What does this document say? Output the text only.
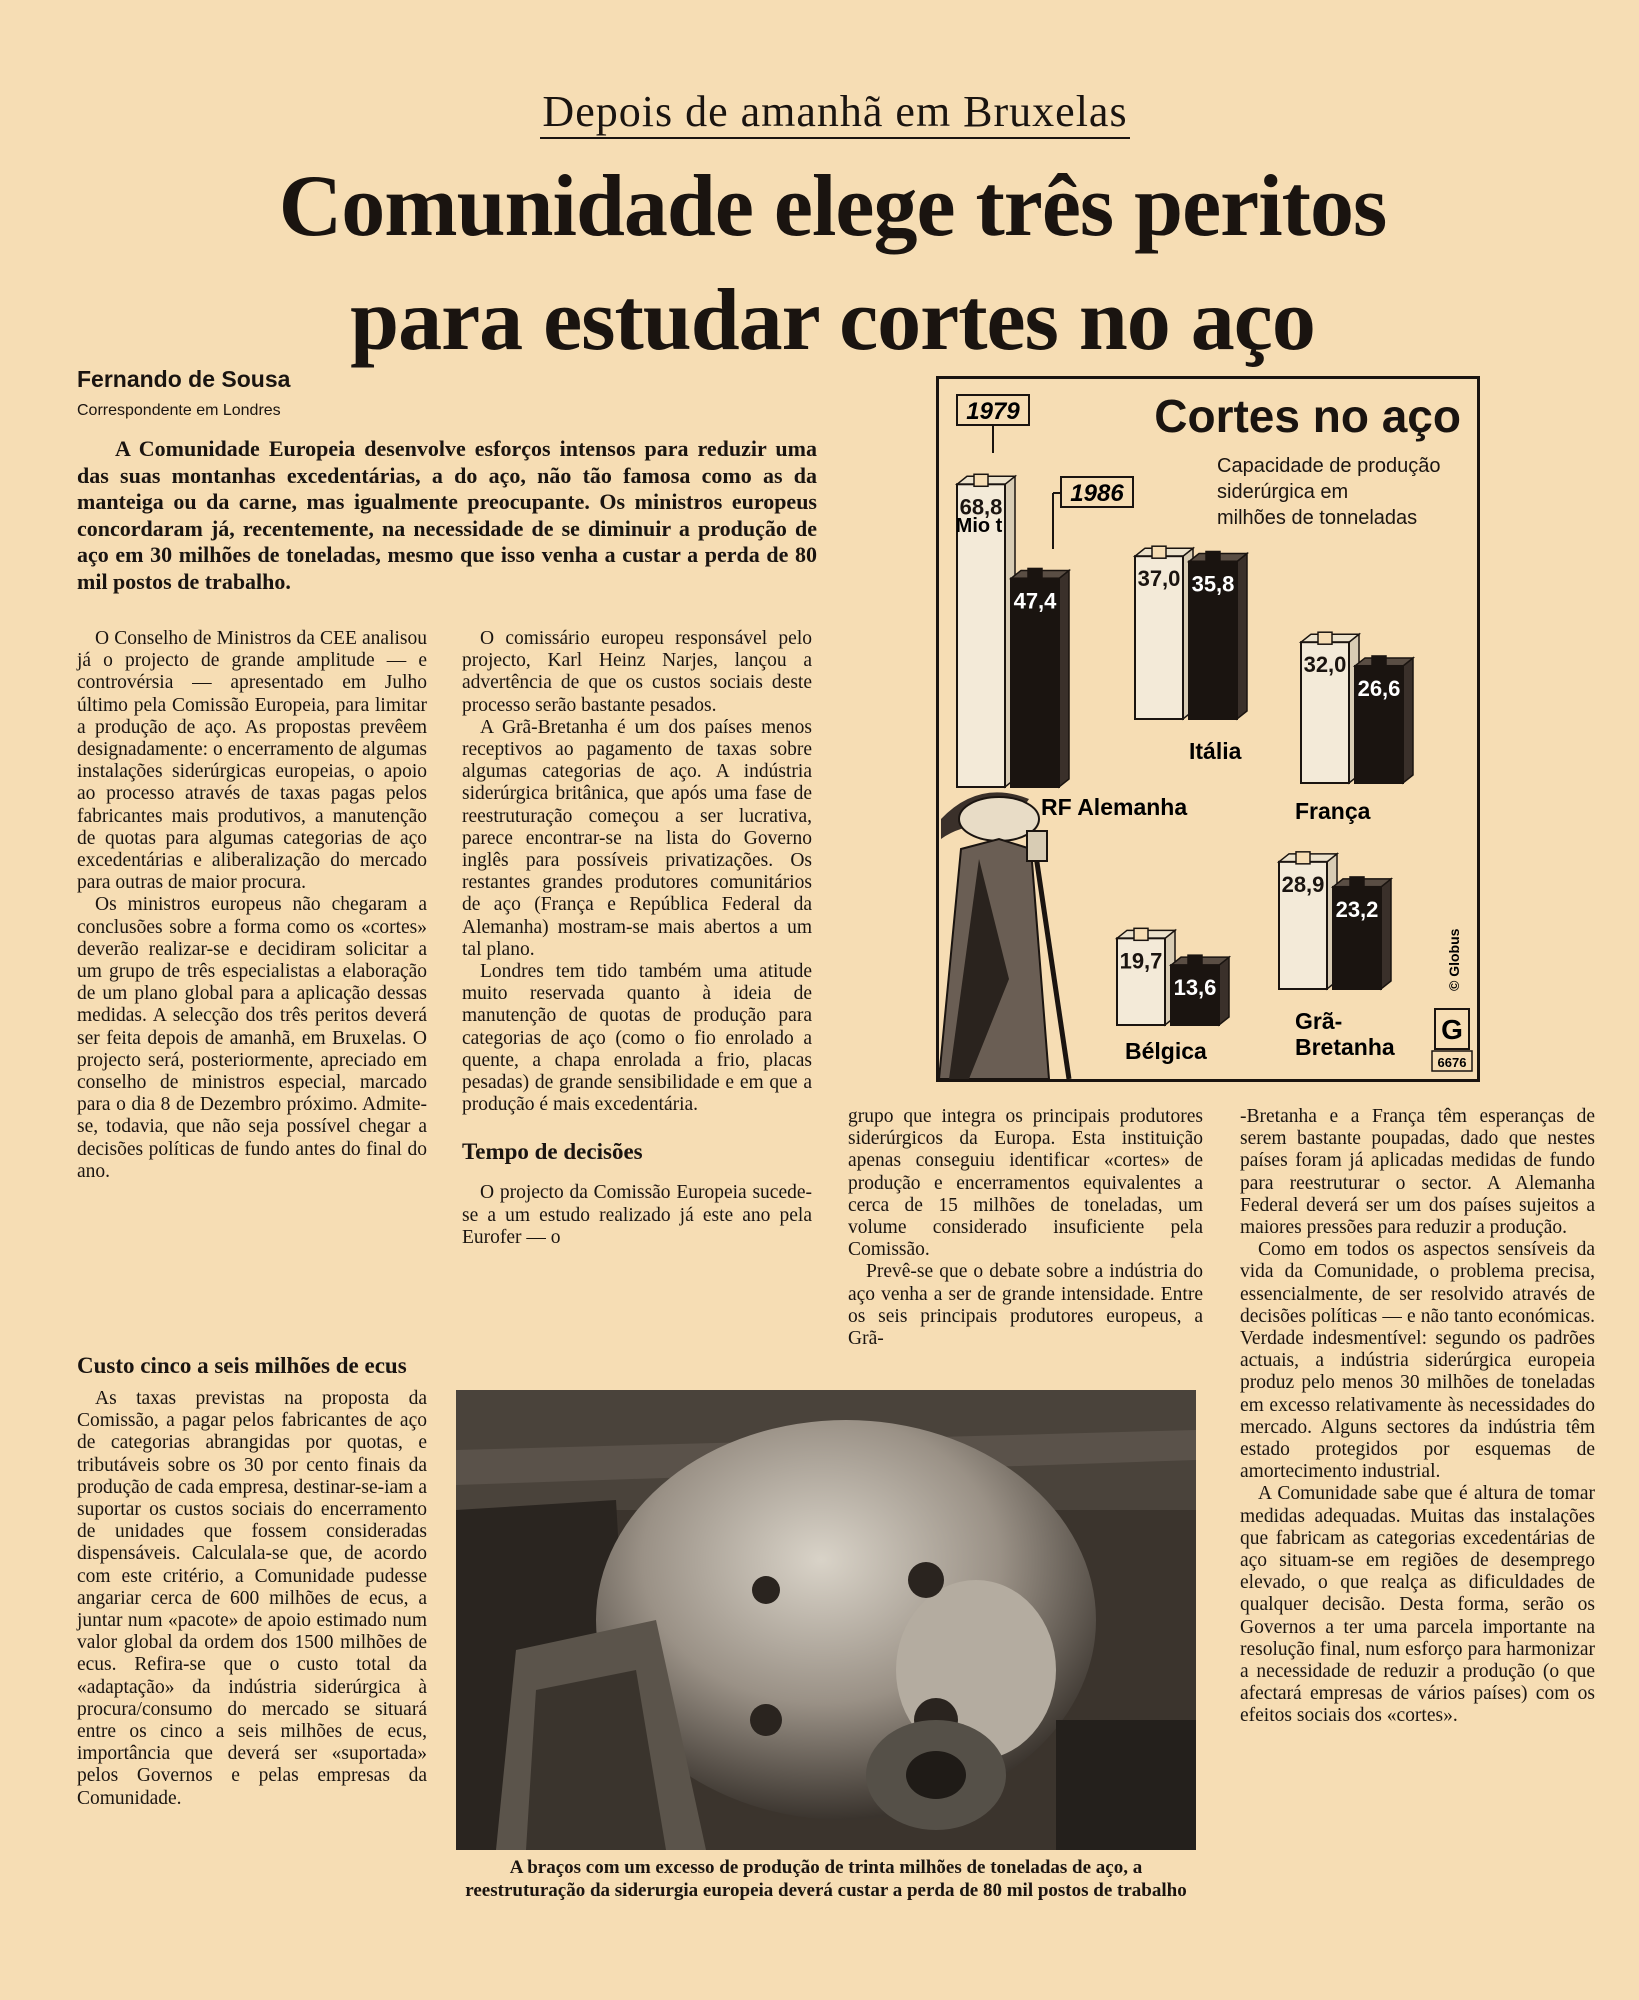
Depois de amanhã em Bruxelas
Comunidade elege três peritos
para estudar cortes no aço
Fernando de Sousa
Correspondente em Londres
A Comunidade Europeia desenvolve esforços intensos para reduzir uma das suas montanhas excedentárias, a do aço, não tão famosa como as da manteiga ou da carne, mas igualmente preocupante. Os ministros europeus concordaram já, recentemente, na necessidade de se diminuir a produção de aço em 30 milhões de toneladas, mesmo que isso venha a custar a perda de 80 mil postos de trabalho.

O Conselho de Ministros da CEE analisou já o projecto de grande amplitude — e controvérsia — apresentado em Julho último pela Comissão Europeia, para limitar a produção de aço. As propostas prevêem designadamente: o encerramento de algumas instalações siderúrgicas europeias, o apoio ao processo através de taxas pagas pelos fabricantes mais produtivos, a manutenção de quotas para algumas categorias de aço excedentárias e aliberalização do mercado para outras de maior procura.

Os ministros europeus não chegaram a conclusões sobre a forma como os «cortes» deverão realizar-se e decidiram solicitar a um grupo de três especialistas a elaboração de um plano global para a aplicação dessas medidas. A selecção dos três peritos deverá ser feita depois de amanhã, em Bruxelas. O projecto será, posteriormente, apreciado em conselho de ministros especial, marcado para o dia 8 de Dezembro próximo. Admite-se, todavia, que não seja possível chegar a decisões políticas de fundo antes do final do ano.

Custo cinco a seis milhões de ecus

As taxas previstas na proposta da Comissão, a pagar pelos fabricantes de aço de categorias abrangidas por quotas, e tributáveis sobre os 30 por cento finais da produção de cada empresa, destinar-se-iam a suportar os custos sociais do encerramento de unidades que fossem consideradas dispensáveis. Calculala-se que, de acordo com este critério, a Comunidade pudesse angariar cerca de 600 milhões de ecus, a juntar num «pacote» de apoio estimado num valor global da ordem dos 1500 milhões de ecus. Refira-se que o custo total da «adaptação» da indústria siderúrgica à procura/consumo do mercado se situará entre os cinco a seis milhões de ecus, importância que deverá ser «suportada» pelos Governos e pelas empresas da Comunidade.

O comissário europeu responsável pelo projecto, Karl Heinz Narjes, lançou a advertência de que os custos sociais deste processo serão bastante pesados.

A Grã-Bretanha é um dos países menos receptivos ao pagamento de taxas sobre algumas categorias de aço. A indústria siderúrgica britânica, que após uma fase de reestruturação começou a ser lucrativa, parece encontrar-se na lista do Governo inglês para possíveis privatizações. Os restantes grandes produtores comunitários de aço (França e República Federal da Alemanha) mostram-se mais abertos a um tal plano.

Londres tem tido também uma atitude muito reservada quanto à ideia de manutenção de quotas de produção para categorias de aço (como o fio enrolado a quente, a chapa enrolada a frio, placas pesadas) de grande sensibilidade e em que a produção é mais excedentária.

Tempo de decisões

O projecto da Comissão Europeia sucede-se a um estudo realizado já este ano pela Eurofer — o

grupo que integra os principais produtores siderúrgicos da Europa. Esta instituição apenas conseguiu identificar «cortes» de produção e encerramentos equivalentes a cerca de 15 milhões de toneladas, um volume considerado insuficiente pela Comissão.

Prevê-se que o debate sobre a indústria do aço venha a ser de grande intensidade. Entre os seis principais produtores europeus, a Grã-

-Bretanha e a França têm esperanças de serem bastante poupadas, dado que nestes países foram já aplicadas medidas de fundo para reestruturar o sector. A Alemanha Federal deverá ser um dos países sujeitos a maiores pressões para reduzir a produção.

Como em todos os aspectos sensíveis da vida da Comunidade, o problema precisa, essencialmente, de ser resolvido através de decisões políticas — e não tanto económicas. Verdade indesmentível: segundo os padrões actuais, a indústria siderúrgica europeia produz pelo menos 30 milhões de toneladas em excesso relativamente às necessidades do mercado. Alguns sectores da indústria têm estado protegidos por esquemas de amortecimento industrial.

A Comunidade sabe que é altura de tomar medidas adequadas. Muitas das instalações que fabricam as categorias excedentárias de aço situam-se em regiões de desemprego elevado, o que realça as dificuldades de qualquer decisão. Desta forma, serão os Governos a ter uma parcela importante na resolução final, num esforço para harmonizar a necessidade de reduzir a produção (o que afectará empresas de vários países) com os efeitos sociais dos «cortes».

Cortes no aço
Capacidade de produção
siderúrgica em
milhões de tonneladas
68,8
47,4
37,0 35,8
32,0
26,6
19,7
13,6
28,9
23,2
1979
1986
Mio t
RF Alemanha
Itália
França
Bélgica
Grã-
Bretanha
© Globus
G
6676
A braços com um excesso de produção de trinta milhões de toneladas de aço, a reestruturação da siderurgia europeia deverá custar a perda de 80 mil postos de trabalho
